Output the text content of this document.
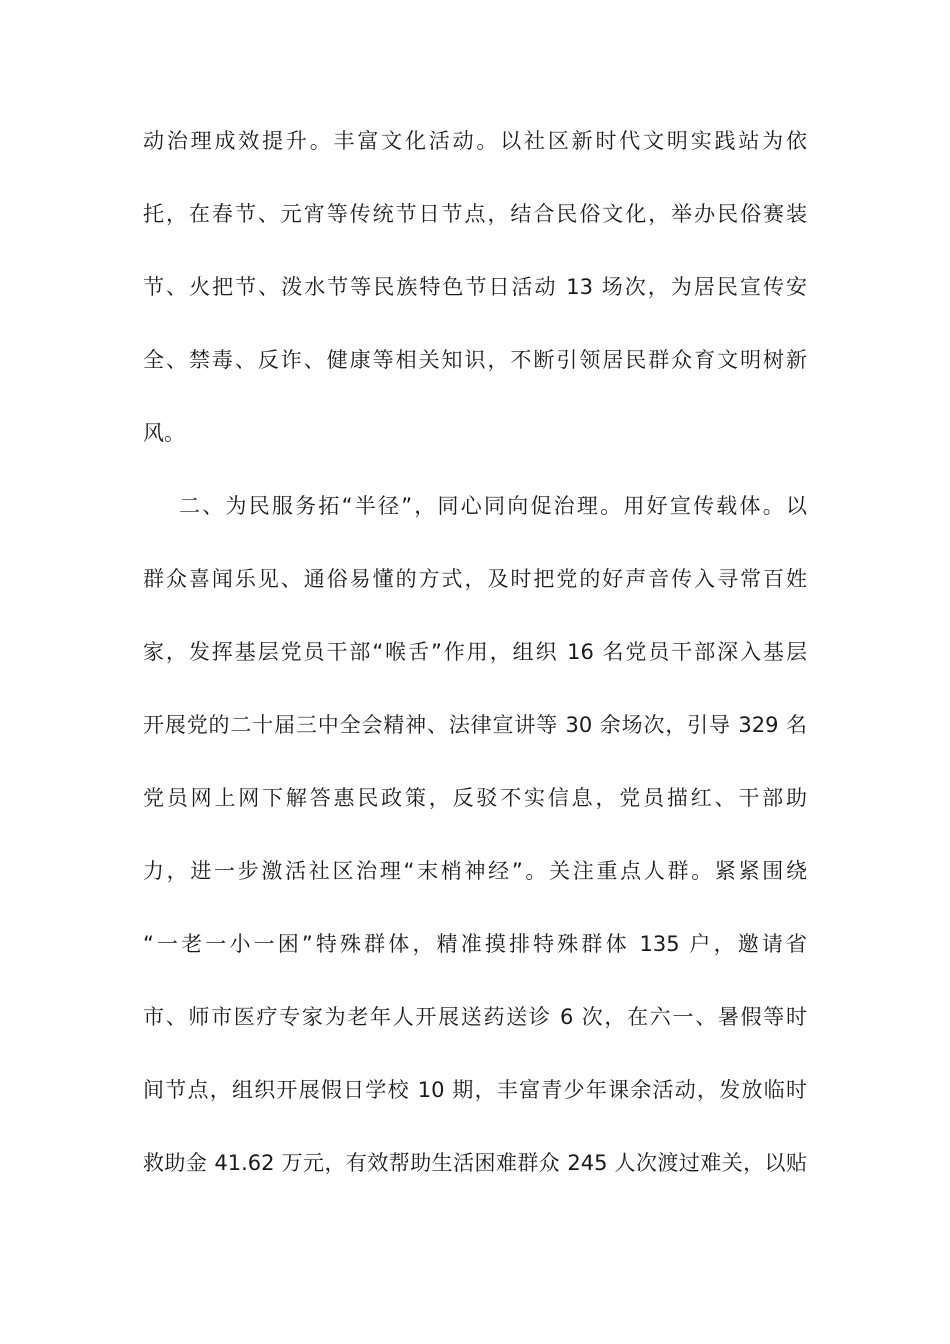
动治理成效提升。丰富文化活动。以社区新时代文明实践站为依
托，在春节、元宵等传统节日节点，结合民俗文化，举办民俗赛装
节、火把节、泼水节等民族特色节日活动 13 场次，为居民宣传安
全、禁毒、反诈、健康等相关知识，不断引领居民群众育文明树新
风。
二、为民服务拓“半径”，同心同向促治理。用好宣传载体。以
群众喜闻乐见、通俗易懂的方式，及时把党的好声音传入寻常百姓
家，发挥基层党员干部“喉舌”作用，组织 16 名党员干部深入基层
开展党的二十届三中全会精神、法律宣讲等 30 余场次，引导 329 名
党员网上网下解答惠民政策，反驳不实信息，党员描红、干部助
力，进一步激活社区治理“末梢神经”。关注重点人群。紧紧围绕
“一老一小一困”特殊群体，精准摸排特殊群体 135 户，邀请省
市、师市医疗专家为老年人开展送药送诊 6 次，在六一、暑假等时
间节点，组织开展假日学校 10 期，丰富青少年课余活动，发放临时
救助金 41.62 万元，有效帮助生活困难群众 245 人次渡过难关，以贴
